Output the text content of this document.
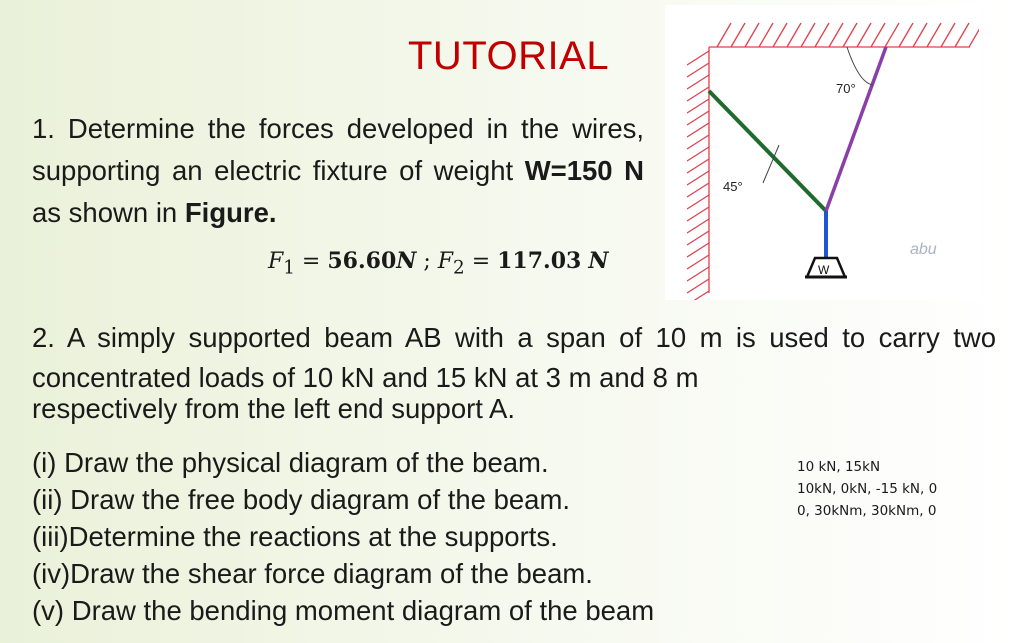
TUTORIAL
1. Determine the forces developed in the wires, supporting an electric fixture of weight W=150 N as shown in Figure.
$F_1 = 56.60N$ ; $F_2 = 117.03$ N
70°
45°
W
abu
2. A simply supported beam AB with a span of 10 m is used to carry two concentrated loads of 10 kN and 15 kN at 3 m and 8 m
respectively from the left end support A.
(i) Draw the physical diagram of the beam.
(ii) Draw the free body diagram of the beam.
(iii)Determine the reactions at the supports.
(iv)Draw the shear force diagram of the beam.
(v) Draw the bending moment diagram of the beam
10 kN, 15kN
10kN, 0kN, -15 kN, 0
0, 30kNm, 30kNm, 0
